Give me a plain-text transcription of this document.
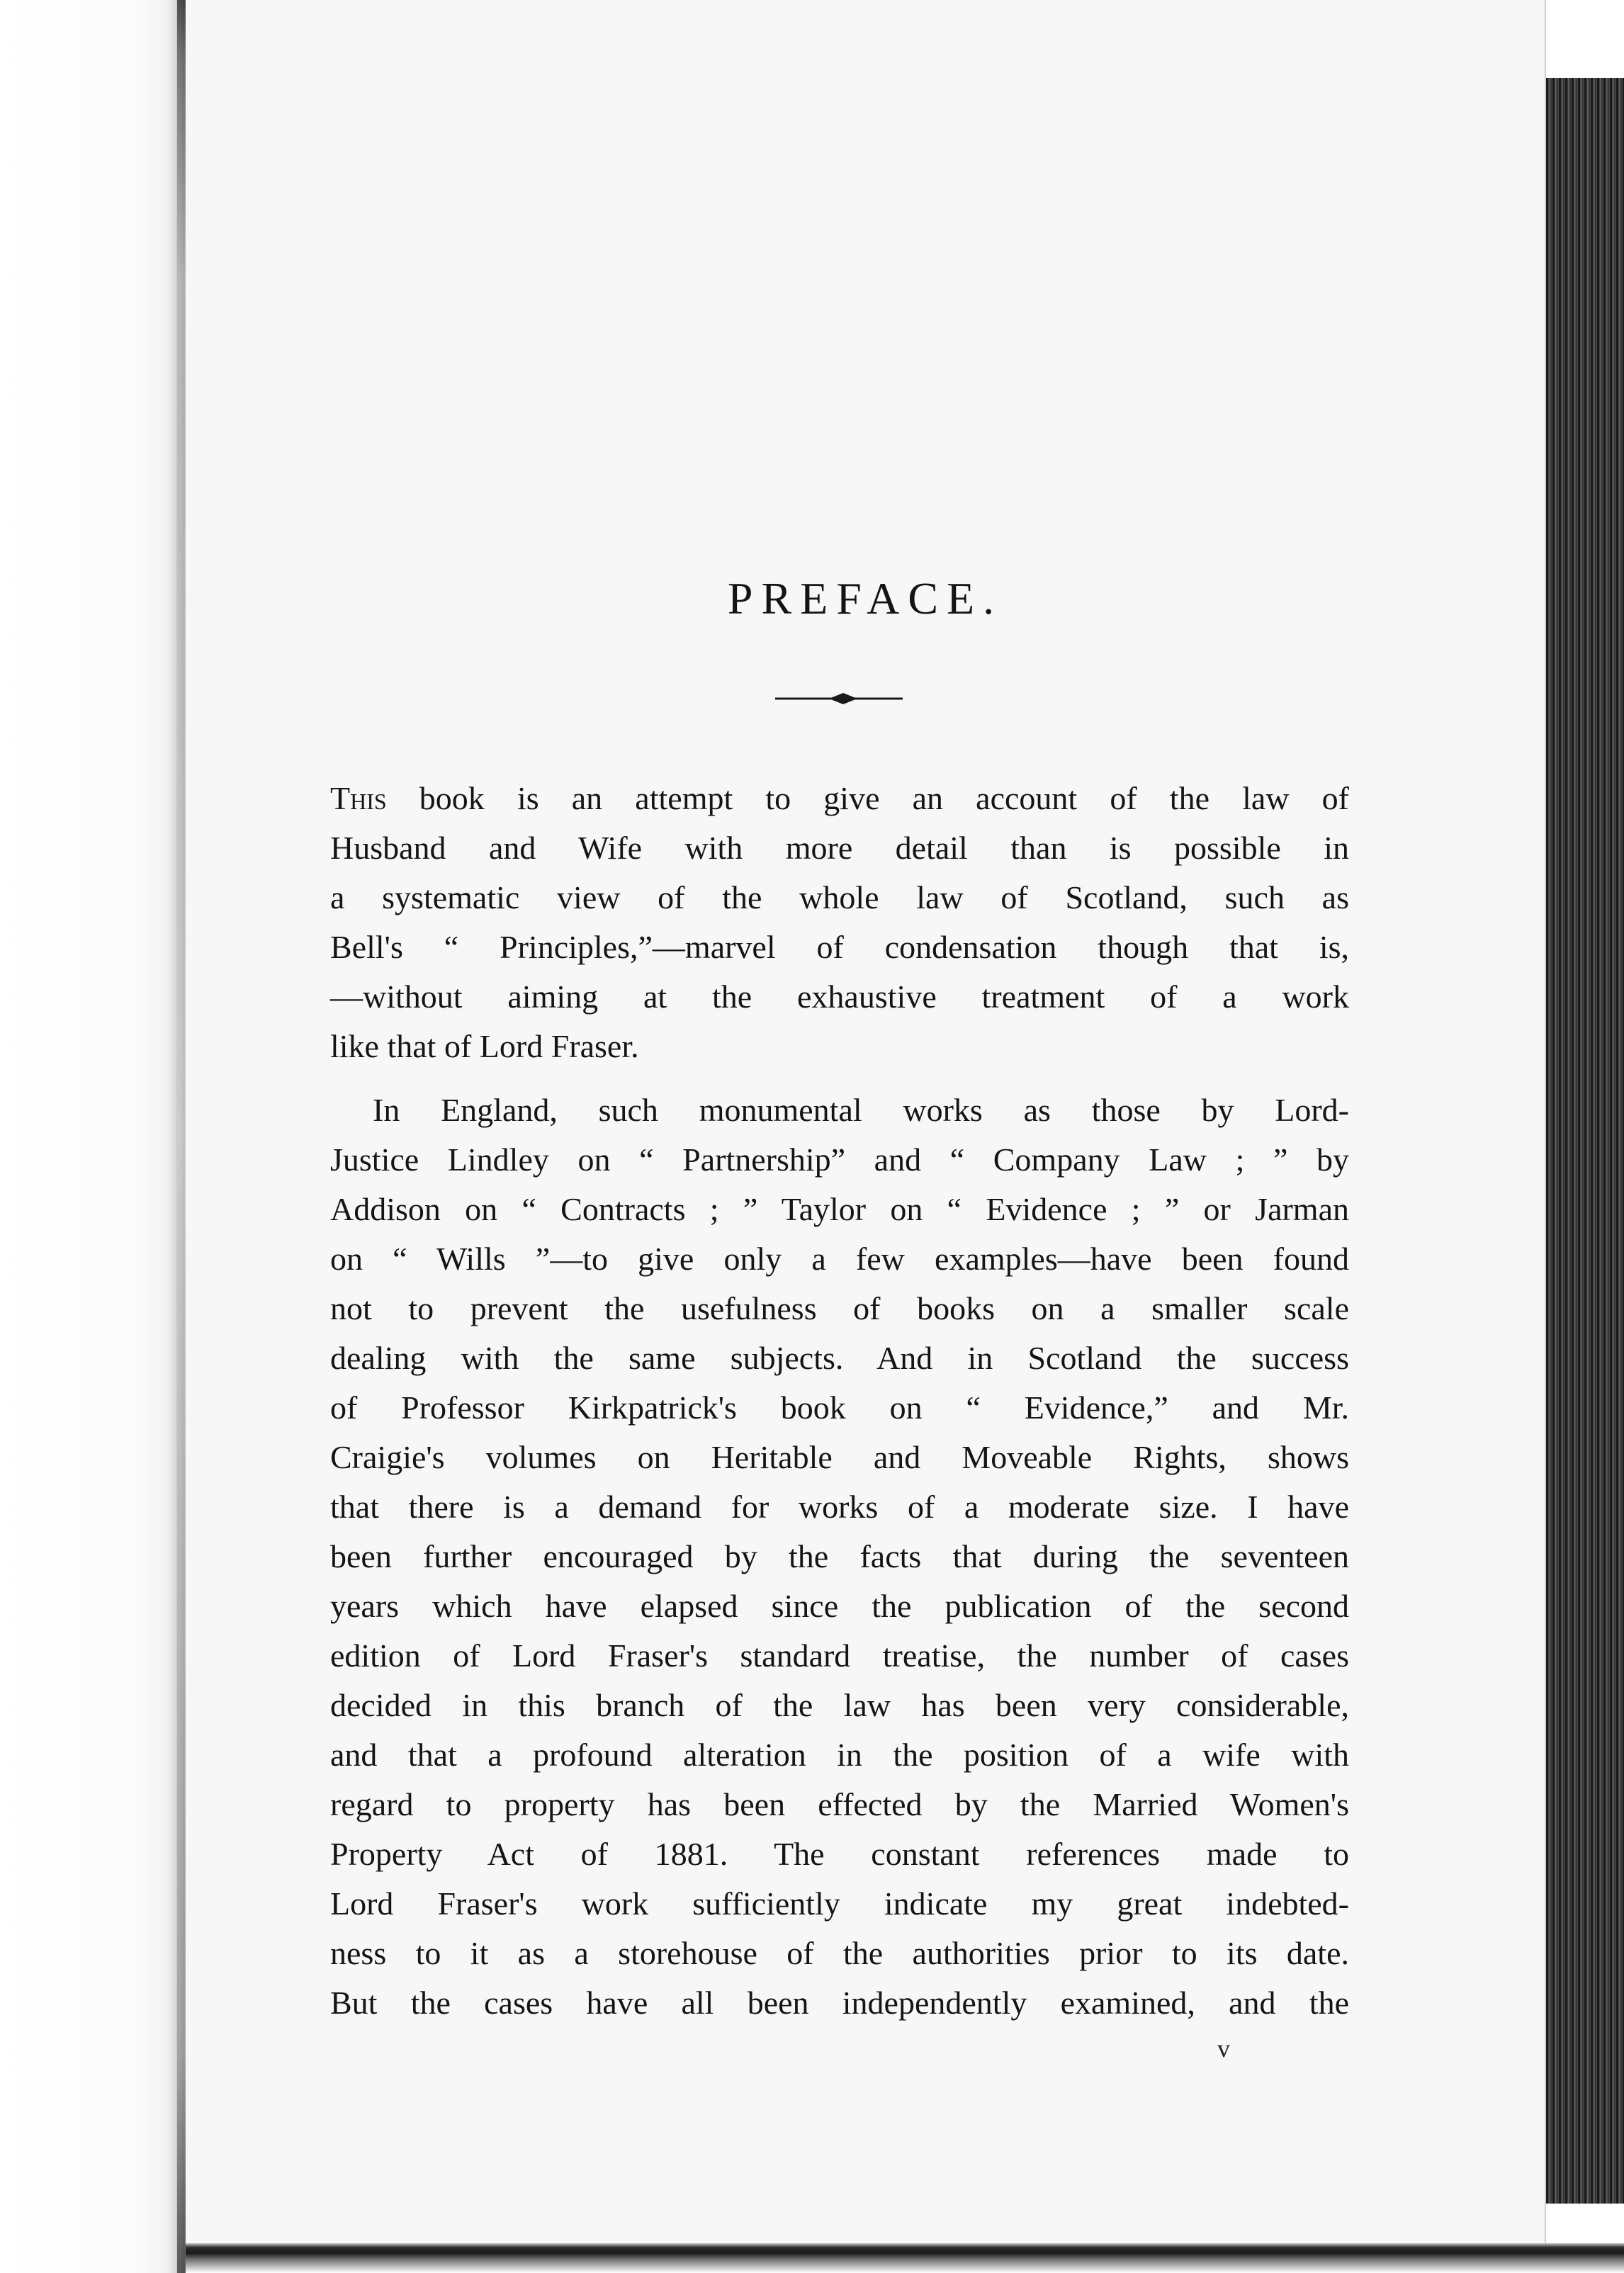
PREFACE.
This book is an attempt to give an account of the law of
Husband and Wife with more detail than is possible in
a systematic view of the whole law of Scotland, such as
Bell's “ Principles,”—marvel of condensation though that is,
—without aiming at the exhaustive treatment of a work
like that of Lord Fraser.
In England, such monumental works as those by Lord-
Justice Lindley on “ Partnership” and “ Company Law ; ” by
Addison on “ Contracts ; ” Taylor on “ Evidence ; ” or Jarman
on “ Wills ”—to give only a few examples—have been found
not to prevent the usefulness of books on a smaller scale
dealing with the same subjects. And in Scotland the success
of Professor Kirkpatrick's book on “ Evidence,” and Mr.
Craigie's volumes on Heritable and Moveable Rights, shows
that there is a demand for works of a moderate size. I have
been further encouraged by the facts that during the seventeen
years which have elapsed since the publication of the second
edition of Lord Fraser's standard treatise, the number of cases
decided in this branch of the law has been very considerable,
and that a profound alteration in the position of a wife with
regard to property has been effected by the Married Women's
Property Act of 1881. The constant references made to
Lord Fraser's work sufficiently indicate my great indebted-
ness to it as a storehouse of the authorities prior to its date.
But the cases have all been independently examined, and the
v
